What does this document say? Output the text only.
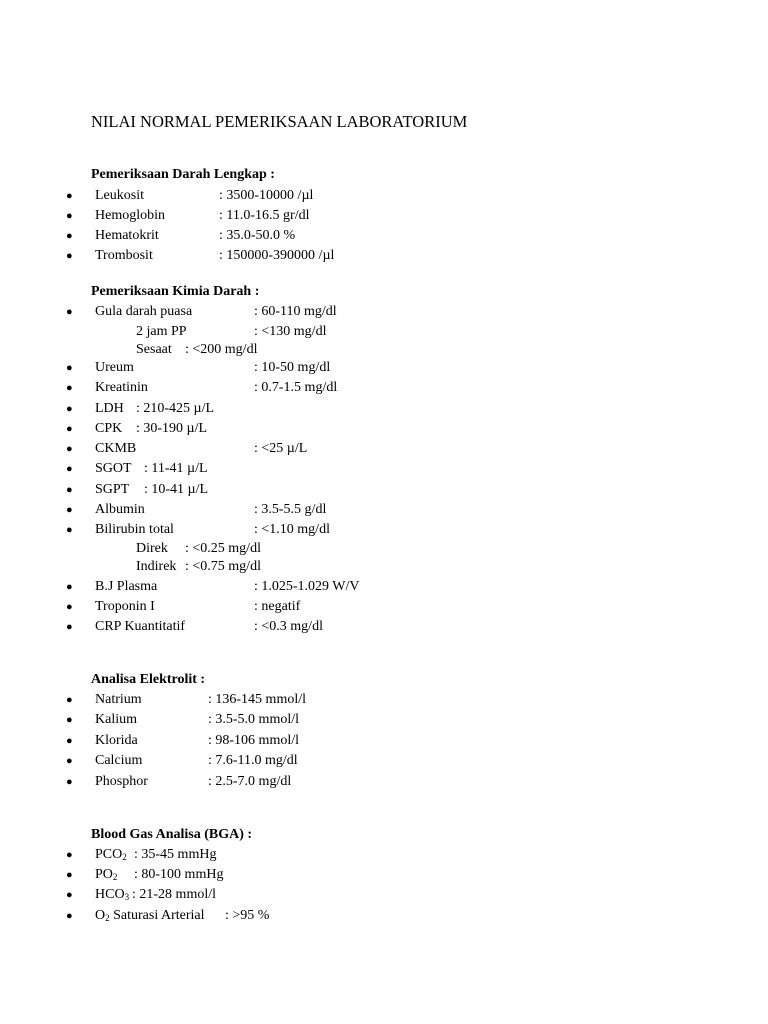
NILAI NORMAL PEMERIKSAAN LABORATORIUM
Pemeriksaan Darah Lengkap :
● Leukosit	: 3500-10000 /µl
● Hemoglobin	: 11.0-16.5 gr/dl
● Hematokrit	: 35.0-50.0 %
● Trombosit	: 150000-390000 /µl
Pemeriksaan Kimia Darah :
● Gula darah puasa	: 60-110 mg/dl
2 jam PP	: <130 mg/dl
Sesaat : <200 mg/dl
● Ureum	: 10-50 mg/dl
● Kreatinin	: 0.7-1.5 mg/dl
● LDH : 210-425 µ/L
● CPK : 30-190 µ/L
● CKMB	: <25 µ/L
● SGOT : 11-41 µ/L
● SGPT : 10-41 µ/L
● Albumin	: 3.5-5.5 g/dl
● Bilirubin total	: <1.10 mg/dl
Direk : <0.25 mg/dl
Indirek : <0.75 mg/dl
● B.J Plasma	: 1.025-1.029 W/V
● Troponin I	: negatif
● CRP Kuantitatif	: <0.3 mg/dl
Analisa Elektrolit :
● Natrium	: 136-145 mmol/l
● Kalium	: 3.5-5.0 mmol/l
● Klorida	: 98-106 mmol/l
● Calcium	: 7.6-11.0 mg/dl
● Phosphor	: 2.5-7.0 mg/dl
Blood Gas Analisa (BGA) :
● $PCO_2$ : 35-45 mmHg
● $PO_2$ : 80-100 mmHg
● $HCO_3$ : 21-28 mmol/l
● $O_2$ Saturasi Arterial : >95 %
